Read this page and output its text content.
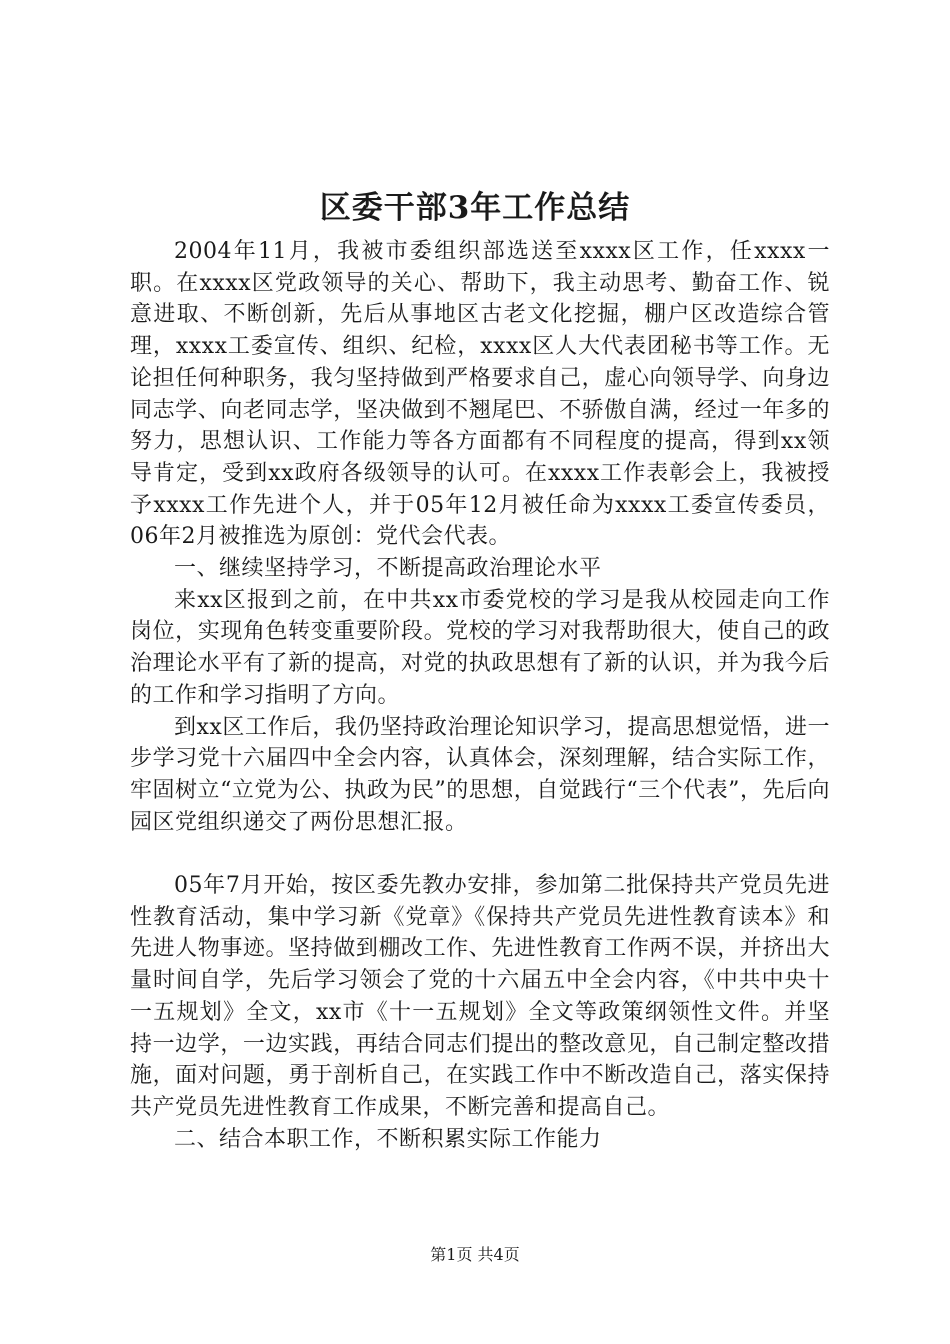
区委干部3年工作总结

2004年11月，我被市委组织部选送至xxxx区工作，任xxxx一职。在xxxx区党政领导的关心、帮助下，我主动思考、勤奋工作、锐意进取、不断创新，先后从事地区古老文化挖掘，棚户区改造综合管理，xxxx工委宣传、组织、纪检，xxxx区人大代表团秘书等工作。无论担任何种职务，我匀坚持做到严格要求自己，虚心向领导学、向身边同志学、向老同志学，坚决做到不翘尾巴、不骄傲自满，经过一年多的努力，思想认识、工作能力等各方面都有不同程度的提高，得到xx领导肯定，受到xx政府各级领导的认可。在xxxx工作表彰会上，我被授予xxxx工作先进个人，并于05年12月被任命为xxxx工委宣传委员，06年2月被推选为原创：党代会代表。

一、继续坚持学习，不断提高政治理论水平

来xx区报到之前，在中共xx市委党校的学习是我从校园走向工作岗位，实现角色转变重要阶段。党校的学习对我帮助很大，使自己的政治理论水平有了新的提高，对党的执政思想有了新的认识，并为我今后的工作和学习指明了方向。

到xx区工作后，我仍坚持政治理论知识学习，提高思想觉悟，进一步学习党十六届四中全会内容，认真体会，深刻理解，结合实际工作，牢固树立“立党为公、执政为民”的思想，自觉践行“三个代表”，先后向园区党组织递交了两份思想汇报。

05年7月开始，按区委先教办安排，参加第二批保持共产党员先进性教育活动，集中学习新《党章》《保持共产党员先进性教育读本》和先进人物事迹。坚持做到棚改工作、先进性教育工作两不误，并挤出大量时间自学，先后学习领会了党的十六届五中全会内容，《中共中央十一五规划》全文，xx市《十一五规划》全文等政策纲领性文件。并坚持一边学，一边实践，再结合同志们提出的整改意见，自己制定整改措施，面对问题，勇于剖析自己，在实践工作中不断改造自己，落实保持共产党员先进性教育工作成果，不断完善和提高自己。

二、结合本职工作，不断积累实际工作能力

第1页 共4页
